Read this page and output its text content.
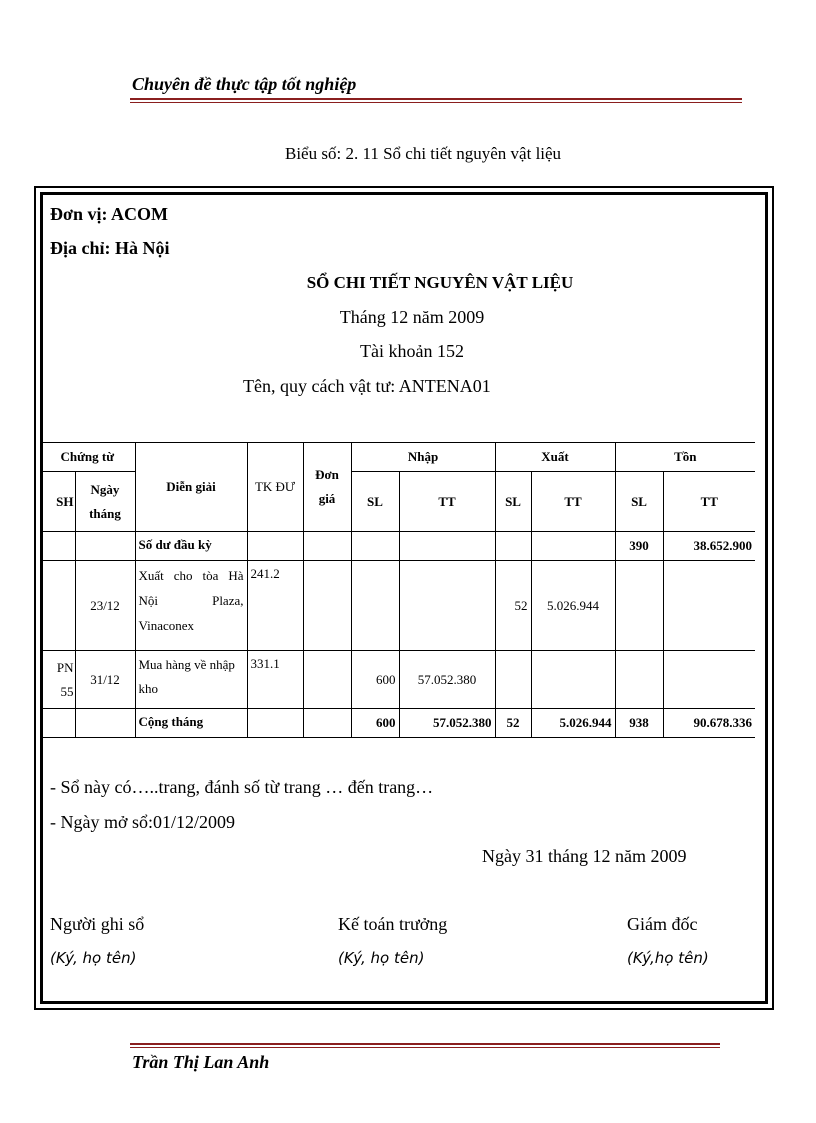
Chuyên đề thực tập tốt nghiệp
Biểu số: 2. 11 Sổ chi tiết nguyên vật liệu
Đơn vị: ACOM
Địa chỉ: Hà Nội
SỔ CHI TIẾT NGUYÊN VẬT LIỆU
Tháng 12 năm 2009
Tài khoản 152
Tên, quy cách vật tư: ANTENA01
Chứng từ		Diễn giải	TK ĐƯ	Đơn giá	Nhập		Xuất		Tồn	
SH	Ngày tháng				SL	TT	SL	TT	SL	TT
		Số dư đầu kỳ							390	38.652.900
	23/12	Xuất cho tòa Hà Nội Plaza, Vinaconex	241.2				52	5.026.944		
PN 55	31/12	Mua hàng về nhập kho	331.1		600	57.052.380				
		Cộng tháng			600	57.052.380	52	5.026.944	938	90.678.336
- Sổ này có…..trang, đánh số từ trang … đến trang…
- Ngày mở sổ:01/12/2009
Ngày 31 tháng 12 năm 2009
Người ghi sổ
(Ký, họ tên)
Kế toán trưởng
(Ký, họ tên)
Giám đốc
(Ký,họ tên)
Trần Thị Lan Anh
